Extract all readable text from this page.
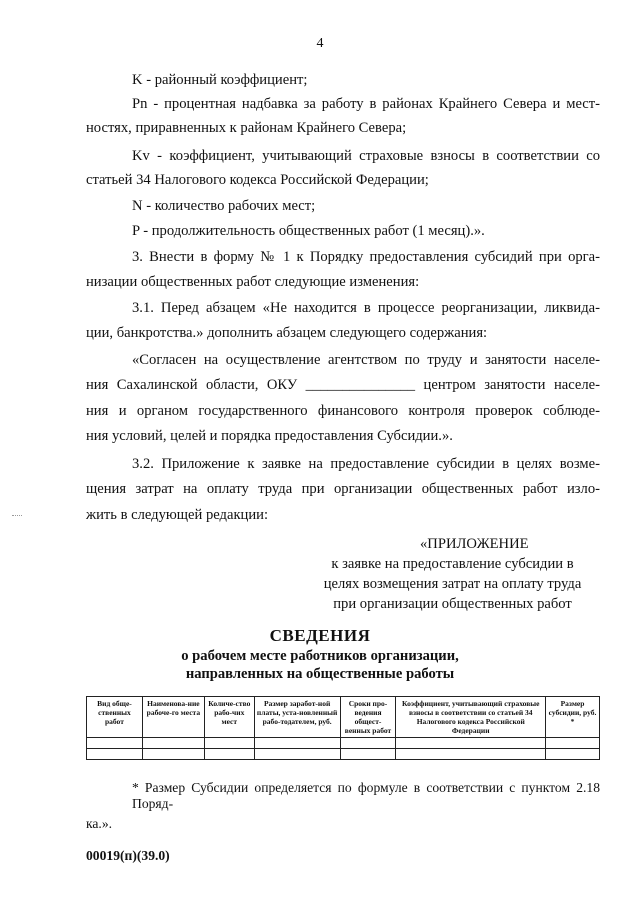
4
K - районный коэффициент;
Pn - процентная надбавка за работу в районах Крайнего Севера и мест-
ностях, приравненных к районам Крайнего Севера;
Kv - коэффициент, учитывающий страховые взносы в соответствии со
статьей 34 Налогового кодекса Российской Федерации;
N - количество рабочих мест;
P - продолжительность общественных работ (1 месяц).».
3. Внести в форму № 1 к Порядку предоставления субсидий при орга-
низации общественных работ следующие изменения:
3.1. Перед абзацем «Не находится в процессе реорганизации, ликвида-
ции, банкротства.» дополнить абзацем следующего содержания:
«Согласен на осуществление агентством по труду и занятости населе-
ния Сахалинской области, ОКУ _______________ центром занятости населе-
ния и органом государственного финансового контроля проверок соблюде-
ния условий, целей и порядка предоставления Субсидии.».
3.2. Приложение к заявке на предоставление субсидии в целях возме-
щения затрат на оплату труда при организации общественных работ изло-
жить в следующей редакции:
«ПРИЛОЖЕНИЕ
к заявке на предоставление субсидии в
целях возмещения затрат на оплату труда
при организации общественных работ
СВЕДЕНИЯ
о рабочем месте работников организации,
направленных на общественные работы
Вид обще-ственных работ	Наименова-ние рабоче-го места	Количе-ство рабо-чих мест	Размер заработ-ной платы, уста-новленный рабо-тодателем, руб.	Сроки про-ведения общест-венных работ	Коэффициент, учитывающий страховые взносы в соответствии со статьей 34 Налогового кодекса Российской Федерации	Размер субсидии, руб. *

* Размер Субсидии определяется по формуле в соответствии с пунктом 2.18 Поряд-
ка.».
00019(п)(39.0)
